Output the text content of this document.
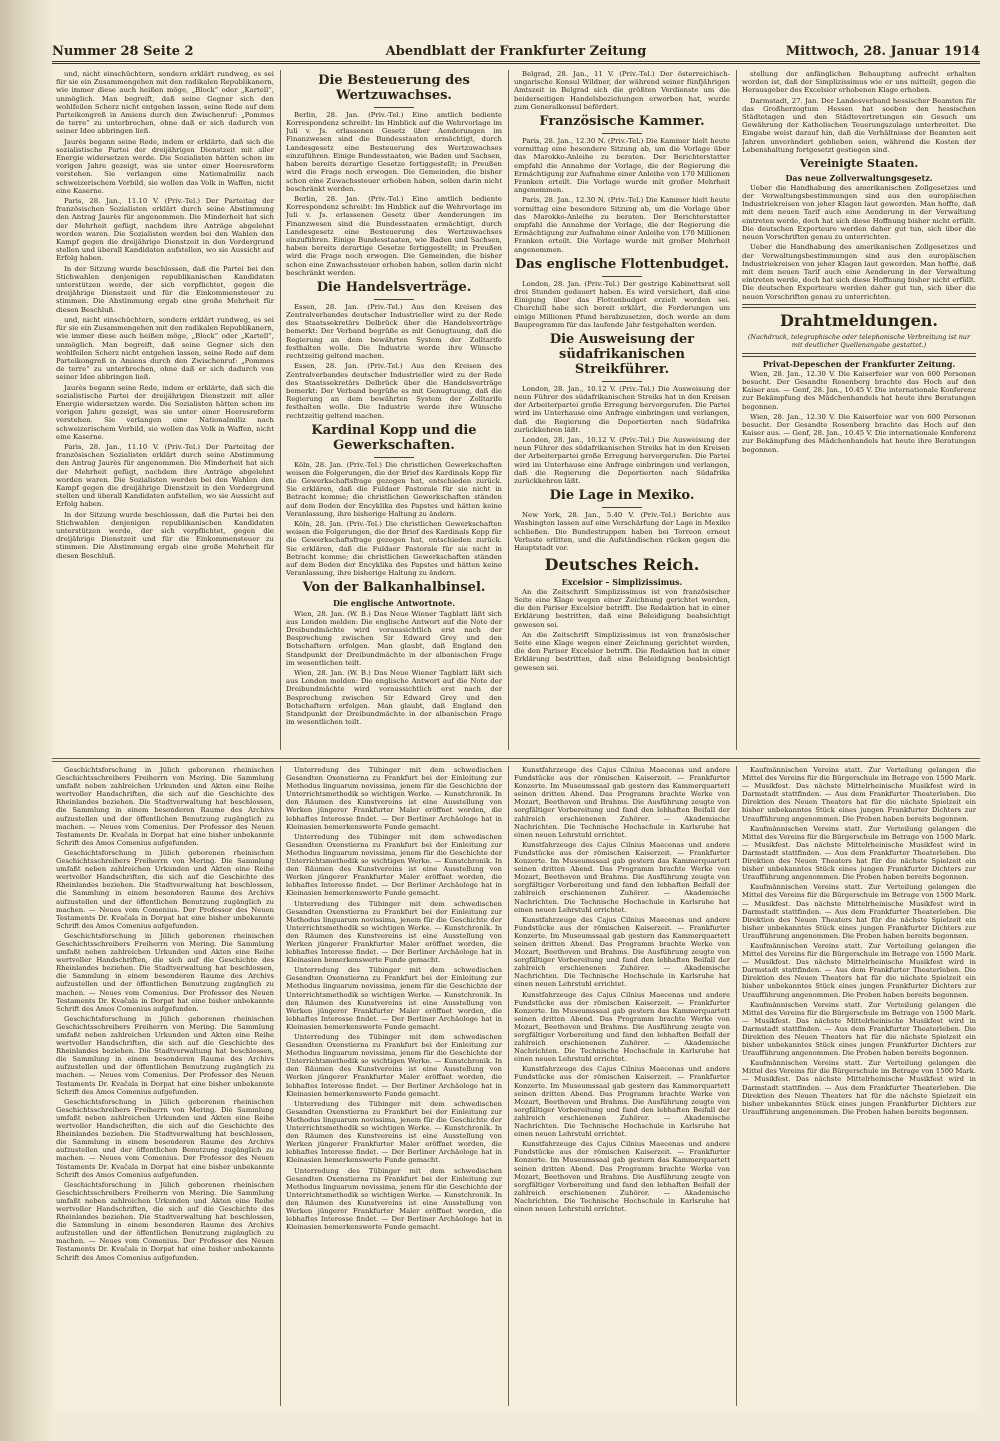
Nummer 28 Seite 2	Abendblatt der Frankfurter Zeitung	Mittwoch, 28. Januar 1914

und, nicht einschüchtern, sondern erklärt rundweg, es sei für sie ein Zusammengehen mit den radikalen Republikanern, wie immer diese auch heißen möge, „Block“ oder „Kartell“, unmöglich. Man begreift, daß seine Gegner sich den wohlfeilen Scherz nicht entgehen lassen, seine Rede auf dem Parteikongreß in Amiens durch den Zwischenruf: „Pommes de terre“ zu unterbrechen, ohne daß er sich dadurch von seiner Idee abbringen ließ.

Jaurès begann seine Rede, indem er erklärte, daß sich die sozialistische Partei der dreijährigen Dienstzeit mit aller Energie widersetzen werde. Die Sozialisten hätten schon im vorigen Jahre gezeigt, was sie unter einer Heeresreform verstehen. Sie verlangen eine Nationalmiliz nach schweizerischem Vorbild, sie wollen das Volk in Waffen, nicht eine Kaserne.

Paris, 28. Jan., 11.10 V. (Priv.-Tel.) Der Parteitag der französischen Sozialisten erklärt durch seine Abstimmung den Antrag Jaurès für angenommen. Die Minderheit hat sich der Mehrheit gefügt, nachdem ihre Anträge abgelehnt worden waren. Die Sozialisten werden bei den Wahlen den Kampf gegen die dreijährige Dienstzeit in den Vordergrund stellen und überall Kandidaten aufstellen, wo sie Aussicht auf Erfolg haben.

In der Sitzung wurde beschlossen, daß die Partei bei den Stichwahlen denjenigen republikanischen Kandidaten unterstützen werde, der sich verpflichtet, gegen die dreijährige Dienstzeit und für die Einkommensteuer zu stimmen. Die Abstimmung ergab eine große Mehrheit für diesen Beschluß.

und, nicht einschüchtern, sondern erklärt rundweg, es sei für sie ein Zusammengehen mit den radikalen Republikanern, wie immer diese auch heißen möge, „Block“ oder „Kartell“, unmöglich. Man begreift, daß seine Gegner sich den wohlfeilen Scherz nicht entgehen lassen, seine Rede auf dem Parteikongreß in Amiens durch den Zwischenruf: „Pommes de terre“ zu unterbrechen, ohne daß er sich dadurch von seiner Idee abbringen ließ.

Jaurès begann seine Rede, indem er erklärte, daß sich die sozialistische Partei der dreijährigen Dienstzeit mit aller Energie widersetzen werde. Die Sozialisten hätten schon im vorigen Jahre gezeigt, was sie unter einer Heeresreform verstehen. Sie verlangen eine Nationalmiliz nach schweizerischem Vorbild, sie wollen das Volk in Waffen, nicht eine Kaserne.

Paris, 28. Jan., 11.10 V. (Priv.-Tel.) Der Parteitag der französischen Sozialisten erklärt durch seine Abstimmung den Antrag Jaurès für angenommen. Die Minderheit hat sich der Mehrheit gefügt, nachdem ihre Anträge abgelehnt worden waren. Die Sozialisten werden bei den Wahlen den Kampf gegen die dreijährige Dienstzeit in den Vordergrund stellen und überall Kandidaten aufstellen, wo sie Aussicht auf Erfolg haben.

In der Sitzung wurde beschlossen, daß die Partei bei den Stichwahlen denjenigen republikanischen Kandidaten unterstützen werde, der sich verpflichtet, gegen die dreijährige Dienstzeit und für die Einkommensteuer zu stimmen. Die Abstimmung ergab eine große Mehrheit für diesen Beschluß.

Die Besteuerung des Wertzuwachses.

Berlin, 28. Jan. (Priv.-Tel.) Eine amtlich bediente Korrespondenz schreibt: Im Hinblick auf die Wehrvorlage im Juli v. Js. erlassenen Gesetz über Aenderungen im Finanzwesen sind die Bundesstaaten ermächtigt, durch Landesgesetz eine Besteuerung des Wertzuwachses einzuführen. Einige Bundesstaaten, wie Baden und Sachsen, haben bereits derartige Gesetze fertiggestellt; in Preußen wird die Frage noch erwogen. Die Gemeinden, die bisher schon eine Zuwachssteuer erhoben haben, sollen darin nicht beschränkt werden.

Berlin, 28. Jan. (Priv.-Tel.) Eine amtlich bediente Korrespondenz schreibt: Im Hinblick auf die Wehrvorlage im Juli v. Js. erlassenen Gesetz über Aenderungen im Finanzwesen sind die Bundesstaaten ermächtigt, durch Landesgesetz eine Besteuerung des Wertzuwachses einzuführen. Einige Bundesstaaten, wie Baden und Sachsen, haben bereits derartige Gesetze fertiggestellt; in Preußen wird die Frage noch erwogen. Die Gemeinden, die bisher schon eine Zuwachssteuer erhoben haben, sollen darin nicht beschränkt werden.

Die Handelsverträge.

Essen, 28. Jan. (Priv.-Tel.) Aus den Kreisen des Zentralverbandes deutscher Industrieller wird zu der Rede des Staatssekretärs Delbrück über die Handelsverträge bemerkt: Der Verband begrüße es mit Genugtuung, daß die Regierung an dem bewährten System der Zolltarife festhalten wolle. Die Industrie werde ihre Wünsche rechtzeitig geltend machen.

Essen, 28. Jan. (Priv.-Tel.) Aus den Kreisen des Zentralverbandes deutscher Industrieller wird zu der Rede des Staatssekretärs Delbrück über die Handelsverträge bemerkt: Der Verband begrüße es mit Genugtuung, daß die Regierung an dem bewährten System der Zolltarife festhalten wolle. Die Industrie werde ihre Wünsche rechtzeitig geltend machen.

Kardinal Kopp und die Gewerkschaften.

Köln, 28. Jan. (Priv.-Tel.) Die christlichen Gewerkschaften weisen die Folgerungen, die der Brief des Kardinals Kopp für die Gewerkschaftsfrage gezogen hat, entschieden zurück. Sie erklären, daß die Fuldaer Pastorale für sie nicht in Betracht komme; die christlichen Gewerkschaften ständen auf dem Boden der Encyklika des Papstes und hätten keine Veranlassung, ihre bisherige Haltung zu ändern.

Köln, 28. Jan. (Priv.-Tel.) Die christlichen Gewerkschaften weisen die Folgerungen, die der Brief des Kardinals Kopp für die Gewerkschaftsfrage gezogen hat, entschieden zurück. Sie erklären, daß die Fuldaer Pastorale für sie nicht in Betracht komme; die christlichen Gewerkschaften ständen auf dem Boden der Encyklika des Papstes und hätten keine Veranlassung, ihre bisherige Haltung zu ändern.

Von der Balkanhalbinsel.
Die englische Antwortnote.

Wien, 28. Jan. (W. B.) Das Neue Wiener Tagblatt läßt sich aus London melden: Die englische Antwort auf die Note der Dreibundmächte wird voraussichtlich erst nach der Besprechung zwischen Sir Edward Grey und den Botschaftern erfolgen. Man glaubt, daß England den Standpunkt der Dreibundmächte in der albanischen Frage im wesentlichen teilt.

Wien, 28. Jan. (W. B.) Das Neue Wiener Tagblatt läßt sich aus London melden: Die englische Antwort auf die Note der Dreibundmächte wird voraussichtlich erst nach der Besprechung zwischen Sir Edward Grey und den Botschaftern erfolgen. Man glaubt, daß England den Standpunkt der Dreibundmächte in der albanischen Frage im wesentlichen teilt.

Belgrad, 28. Jan., 11 V. (Priv.-Tel.) Der österreichisch-ungarische Konsul Wildner, der während seiner fünfjährigen Amtszeit in Belgrad sich die größten Verdienste um die beiderseitigen Handelsbeziehungen erworben hat, wurde zum Generalkonsul befördert.

Französische Kammer.

Paris, 28. Jan., 12.30 N. (Priv.-Tel.) Die Kammer hielt heute vormittag eine besondere Sitzung ab, um die Vorlage über das Marokko-Anleihe zu beraten. Der Berichterstatter empfahl die Annahme der Vorlage, die der Regierung die Ermächtigung zur Aufnahme einer Anleihe von 170 Millionen Franken erteilt. Die Vorlage wurde mit großer Mehrheit angenommen.

Paris, 28. Jan., 12.30 N. (Priv.-Tel.) Die Kammer hielt heute vormittag eine besondere Sitzung ab, um die Vorlage über das Marokko-Anleihe zu beraten. Der Berichterstatter empfahl die Annahme der Vorlage, die der Regierung die Ermächtigung zur Aufnahme einer Anleihe von 170 Millionen Franken erteilt. Die Vorlage wurde mit großer Mehrheit angenommen.

Das englische Flottenbudget.

London, 28. Jan. (Priv.-Tel.) Der gestrige Kabinettsrat soll drei Stunden gedauert haben. Es wird versichert, daß eine Einigung über das Flottenbudget erzielt worden sei. Churchill habe sich bereit erklärt, die Forderungen um einige Millionen Pfund herabzusetzen, doch werde an dem Bauprogramm für das laufende Jahr festgehalten werden.

Die Ausweisung der südafrikanischen Streikführer.

London, 28. Jan., 10.12 V. (Priv.-Tel.) Die Ausweisung der neun Führer des südafrikanischen Streiks hat in den Kreisen der Arbeiterpartei große Erregung hervorgerufen. Die Partei wird im Unterhause eine Anfrage einbringen und verlangen, daß die Regierung die Deportierten nach Südafrika zurückkehren läßt.

London, 28. Jan., 10.12 V. (Priv.-Tel.) Die Ausweisung der neun Führer des südafrikanischen Streiks hat in den Kreisen der Arbeiterpartei große Erregung hervorgerufen. Die Partei wird im Unterhause eine Anfrage einbringen und verlangen, daß die Regierung die Deportierten nach Südafrika zurückkehren läßt.

Die Lage in Mexiko.

New York, 28. Jan., 5.40 V. (Priv.-Tel.) Berichte aus Washington lassen auf eine Verschärfung der Lage in Mexiko schließen. Die Bundestruppen haben bei Torreon erneut Verluste erlitten, und die Aufständischen rücken gegen die Hauptstadt vor.

Deutsches Reich.
Excelsior – Simplizissimus.

An die Zeitschrift Simplizissimus ist von französischer Seite eine Klage wegen einer Zeichnung gerichtet worden, die den Pariser Excelsior betrifft. Die Redaktion hat in einer Erklärung bestritten, daß eine Beleidigung beabsichtigt gewesen sei.

An die Zeitschrift Simplizissimus ist von französischer Seite eine Klage wegen einer Zeichnung gerichtet worden, die den Pariser Excelsior betrifft. Die Redaktion hat in einer Erklärung bestritten, daß eine Beleidigung beabsichtigt gewesen sei.

stellung der anfänglichen Behauptung aufrecht erhalten worden ist, daß der Simplizissimus wie er uns mitteilt, gegen die Herausgeber des Excelsior erhobenen Klage erhoben.

Darmstadt, 27. Jan. Der Landesverband hessischer Beamten für das Großherzogtum Hessen hat soeben den hessischen Städtetagen und den Städtevertretungen ein Gesuch um Gewährung der Katholischen Teuerungszulage unterbreitet. Die Eingabe weist darauf hin, daß die Verhältnisse der Beamten seit Jahren unverändert geblieben seien, während die Kosten der Lebenshaltung fortgesetzt gestiegen sind.

Vereinigte Staaten.
Das neue Zollverwaltungsgesetz.

Ueber die Handhabung des amerikanischen Zollgesetzes und der Verwaltungsbestimmungen sind aus den europäischen Industriekreisen von jeher Klagen laut geworden. Man hoffte, daß mit dem neuen Tarif auch eine Aenderung in der Verwaltung eintreten werde, doch hat sich diese Hoffnung bisher nicht erfüllt. Die deutschen Exporteure werden daher gut tun, sich über die neuen Vorschriften genau zu unterrichten.

Ueber die Handhabung des amerikanischen Zollgesetzes und der Verwaltungsbestimmungen sind aus den europäischen Industriekreisen von jeher Klagen laut geworden. Man hoffte, daß mit dem neuen Tarif auch eine Aenderung in der Verwaltung eintreten werde, doch hat sich diese Hoffnung bisher nicht erfüllt. Die deutschen Exporteure werden daher gut tun, sich über die neuen Vorschriften genau zu unterrichten.

Drahtmeldungen.
(Nachdruck, telegraphische oder telephonische Verbreitung ist nur mit deutlicher Quellenangabe gestattet.)
Privat-Depeschen der Frankfurter Zeitung.

Wien, 28. Jan., 12.30 V. Die Kaiserfeier war von 600 Personen besucht. Der Gesandte Rosenberg brachte das Hoch auf den Kaiser aus. — Genf, 28. Jan., 10.45 V. Die internationale Konferenz zur Bekämpfung des Mädchenhandels hat heute ihre Beratungen begonnen.

Wien, 28. Jan., 12.30 V. Die Kaiserfeier war von 600 Personen besucht. Der Gesandte Rosenberg brachte das Hoch auf den Kaiser aus. — Genf, 28. Jan., 10.45 V. Die internationale Konferenz zur Bekämpfung des Mädchenhandels hat heute ihre Beratungen begonnen.

Geschichtsforschung in Jülich geborenen rheinischen Geschichtsschreibers Freiherrn von Mering. Die Sammlung umfaßt neben zahlreichen Urkunden und Akten eine Reihe wertvoller Handschriften, die sich auf die Geschichte des Rheinlandes beziehen. Die Stadtverwaltung hat beschlossen, die Sammlung in einem besonderen Raume des Archivs aufzustellen und der öffentlichen Benutzung zugänglich zu machen. — Neues vom Comenius. Der Professor des Neuen Testaments Dr. Kvačala in Dorpat hat eine bisher unbekannte Schrift des Amos Comenius aufgefunden.

Geschichtsforschung in Jülich geborenen rheinischen Geschichtsschreibers Freiherrn von Mering. Die Sammlung umfaßt neben zahlreichen Urkunden und Akten eine Reihe wertvoller Handschriften, die sich auf die Geschichte des Rheinlandes beziehen. Die Stadtverwaltung hat beschlossen, die Sammlung in einem besonderen Raume des Archivs aufzustellen und der öffentlichen Benutzung zugänglich zu machen. — Neues vom Comenius. Der Professor des Neuen Testaments Dr. Kvačala in Dorpat hat eine bisher unbekannte Schrift des Amos Comenius aufgefunden.

Geschichtsforschung in Jülich geborenen rheinischen Geschichtsschreibers Freiherrn von Mering. Die Sammlung umfaßt neben zahlreichen Urkunden und Akten eine Reihe wertvoller Handschriften, die sich auf die Geschichte des Rheinlandes beziehen. Die Stadtverwaltung hat beschlossen, die Sammlung in einem besonderen Raume des Archivs aufzustellen und der öffentlichen Benutzung zugänglich zu machen. — Neues vom Comenius. Der Professor des Neuen Testaments Dr. Kvačala in Dorpat hat eine bisher unbekannte Schrift des Amos Comenius aufgefunden.

Geschichtsforschung in Jülich geborenen rheinischen Geschichtsschreibers Freiherrn von Mering. Die Sammlung umfaßt neben zahlreichen Urkunden und Akten eine Reihe wertvoller Handschriften, die sich auf die Geschichte des Rheinlandes beziehen. Die Stadtverwaltung hat beschlossen, die Sammlung in einem besonderen Raume des Archivs aufzustellen und der öffentlichen Benutzung zugänglich zu machen. — Neues vom Comenius. Der Professor des Neuen Testaments Dr. Kvačala in Dorpat hat eine bisher unbekannte Schrift des Amos Comenius aufgefunden.

Geschichtsforschung in Jülich geborenen rheinischen Geschichtsschreibers Freiherrn von Mering. Die Sammlung umfaßt neben zahlreichen Urkunden und Akten eine Reihe wertvoller Handschriften, die sich auf die Geschichte des Rheinlandes beziehen. Die Stadtverwaltung hat beschlossen, die Sammlung in einem besonderen Raume des Archivs aufzustellen und der öffentlichen Benutzung zugänglich zu machen. — Neues vom Comenius. Der Professor des Neuen Testaments Dr. Kvačala in Dorpat hat eine bisher unbekannte Schrift des Amos Comenius aufgefunden.

Geschichtsforschung in Jülich geborenen rheinischen Geschichtsschreibers Freiherrn von Mering. Die Sammlung umfaßt neben zahlreichen Urkunden und Akten eine Reihe wertvoller Handschriften, die sich auf die Geschichte des Rheinlandes beziehen. Die Stadtverwaltung hat beschlossen, die Sammlung in einem besonderen Raume des Archivs aufzustellen und der öffentlichen Benutzung zugänglich zu machen. — Neues vom Comenius. Der Professor des Neuen Testaments Dr. Kvačala in Dorpat hat eine bisher unbekannte Schrift des Amos Comenius aufgefunden.

Unterredung des Tübinger mit dem schwedischen Gesandten Oxenstierna zu Frankfurt bei der Einleitung zur Methodus linguarum novissima, jenem für die Geschichte der Unterrichtsmethodik so wichtigen Werke. — Kunstchronik. In den Räumen des Kunstvereins ist eine Ausstellung von Werken jüngerer Frankfurter Maler eröffnet worden, die lebhaftes Interesse findet. — Der Berliner Archäologe hat in Kleinasien bemerkenswerte Funde gemacht.

Unterredung des Tübinger mit dem schwedischen Gesandten Oxenstierna zu Frankfurt bei der Einleitung zur Methodus linguarum novissima, jenem für die Geschichte der Unterrichtsmethodik so wichtigen Werke. — Kunstchronik. In den Räumen des Kunstvereins ist eine Ausstellung von Werken jüngerer Frankfurter Maler eröffnet worden, die lebhaftes Interesse findet. — Der Berliner Archäologe hat in Kleinasien bemerkenswerte Funde gemacht.

Unterredung des Tübinger mit dem schwedischen Gesandten Oxenstierna zu Frankfurt bei der Einleitung zur Methodus linguarum novissima, jenem für die Geschichte der Unterrichtsmethodik so wichtigen Werke. — Kunstchronik. In den Räumen des Kunstvereins ist eine Ausstellung von Werken jüngerer Frankfurter Maler eröffnet worden, die lebhaftes Interesse findet. — Der Berliner Archäologe hat in Kleinasien bemerkenswerte Funde gemacht.

Unterredung des Tübinger mit dem schwedischen Gesandten Oxenstierna zu Frankfurt bei der Einleitung zur Methodus linguarum novissima, jenem für die Geschichte der Unterrichtsmethodik so wichtigen Werke. — Kunstchronik. In den Räumen des Kunstvereins ist eine Ausstellung von Werken jüngerer Frankfurter Maler eröffnet worden, die lebhaftes Interesse findet. — Der Berliner Archäologe hat in Kleinasien bemerkenswerte Funde gemacht.

Unterredung des Tübinger mit dem schwedischen Gesandten Oxenstierna zu Frankfurt bei der Einleitung zur Methodus linguarum novissima, jenem für die Geschichte der Unterrichtsmethodik so wichtigen Werke. — Kunstchronik. In den Räumen des Kunstvereins ist eine Ausstellung von Werken jüngerer Frankfurter Maler eröffnet worden, die lebhaftes Interesse findet. — Der Berliner Archäologe hat in Kleinasien bemerkenswerte Funde gemacht.

Unterredung des Tübinger mit dem schwedischen Gesandten Oxenstierna zu Frankfurt bei der Einleitung zur Methodus linguarum novissima, jenem für die Geschichte der Unterrichtsmethodik so wichtigen Werke. — Kunstchronik. In den Räumen des Kunstvereins ist eine Ausstellung von Werken jüngerer Frankfurter Maler eröffnet worden, die lebhaftes Interesse findet. — Der Berliner Archäologe hat in Kleinasien bemerkenswerte Funde gemacht.

Unterredung des Tübinger mit dem schwedischen Gesandten Oxenstierna zu Frankfurt bei der Einleitung zur Methodus linguarum novissima, jenem für die Geschichte der Unterrichtsmethodik so wichtigen Werke. — Kunstchronik. In den Räumen des Kunstvereins ist eine Ausstellung von Werken jüngerer Frankfurter Maler eröffnet worden, die lebhaftes Interesse findet. — Der Berliner Archäologe hat in Kleinasien bemerkenswerte Funde gemacht.

Kunstfahrzeuge des Cajus Cilnius Maecenas und andere Fundstücke aus der römischen Kaiserzeit. — Frankfurter Konzerte. Im Museumssaal gab gestern das Kammerquartett seinen dritten Abend. Das Programm brachte Werke von Mozart, Beethoven und Brahms. Die Ausführung zeugte von sorgfältiger Vorbereitung und fand den lebhaften Beifall der zahlreich erschienenen Zuhörer. — Akademische Nachrichten. Die Technische Hochschule in Karlsruhe hat einen neuen Lehrstuhl errichtet.

Kunstfahrzeuge des Cajus Cilnius Maecenas und andere Fundstücke aus der römischen Kaiserzeit. — Frankfurter Konzerte. Im Museumssaal gab gestern das Kammerquartett seinen dritten Abend. Das Programm brachte Werke von Mozart, Beethoven und Brahms. Die Ausführung zeugte von sorgfältiger Vorbereitung und fand den lebhaften Beifall der zahlreich erschienenen Zuhörer. — Akademische Nachrichten. Die Technische Hochschule in Karlsruhe hat einen neuen Lehrstuhl errichtet.

Kunstfahrzeuge des Cajus Cilnius Maecenas und andere Fundstücke aus der römischen Kaiserzeit. — Frankfurter Konzerte. Im Museumssaal gab gestern das Kammerquartett seinen dritten Abend. Das Programm brachte Werke von Mozart, Beethoven und Brahms. Die Ausführung zeugte von sorgfältiger Vorbereitung und fand den lebhaften Beifall der zahlreich erschienenen Zuhörer. — Akademische Nachrichten. Die Technische Hochschule in Karlsruhe hat einen neuen Lehrstuhl errichtet.

Kunstfahrzeuge des Cajus Cilnius Maecenas und andere Fundstücke aus der römischen Kaiserzeit. — Frankfurter Konzerte. Im Museumssaal gab gestern das Kammerquartett seinen dritten Abend. Das Programm brachte Werke von Mozart, Beethoven und Brahms. Die Ausführung zeugte von sorgfältiger Vorbereitung und fand den lebhaften Beifall der zahlreich erschienenen Zuhörer. — Akademische Nachrichten. Die Technische Hochschule in Karlsruhe hat einen neuen Lehrstuhl errichtet.

Kunstfahrzeuge des Cajus Cilnius Maecenas und andere Fundstücke aus der römischen Kaiserzeit. — Frankfurter Konzerte. Im Museumssaal gab gestern das Kammerquartett seinen dritten Abend. Das Programm brachte Werke von Mozart, Beethoven und Brahms. Die Ausführung zeugte von sorgfältiger Vorbereitung und fand den lebhaften Beifall der zahlreich erschienenen Zuhörer. — Akademische Nachrichten. Die Technische Hochschule in Karlsruhe hat einen neuen Lehrstuhl errichtet.

Kunstfahrzeuge des Cajus Cilnius Maecenas und andere Fundstücke aus der römischen Kaiserzeit. — Frankfurter Konzerte. Im Museumssaal gab gestern das Kammerquartett seinen dritten Abend. Das Programm brachte Werke von Mozart, Beethoven und Brahms. Die Ausführung zeugte von sorgfältiger Vorbereitung und fand den lebhaften Beifall der zahlreich erschienenen Zuhörer. — Akademische Nachrichten. Die Technische Hochschule in Karlsruhe hat einen neuen Lehrstuhl errichtet.

Kaufmännischen Vereins statt. Zur Verteilung gelangen die Mittel des Vereins für die Bürgerschule im Betrage von 1500 Mark. — Musikfest. Das nächste Mittelrheinische Musikfest wird in Darmstadt stattfinden. — Aus dem Frankfurter Theaterleben. Die Direktion des Neuen Theaters hat für die nächste Spielzeit ein bisher unbekanntes Stück eines jungen Frankfurter Dichters zur Uraufführung angenommen. Die Proben haben bereits begonnen.

Kaufmännischen Vereins statt. Zur Verteilung gelangen die Mittel des Vereins für die Bürgerschule im Betrage von 1500 Mark. — Musikfest. Das nächste Mittelrheinische Musikfest wird in Darmstadt stattfinden. — Aus dem Frankfurter Theaterleben. Die Direktion des Neuen Theaters hat für die nächste Spielzeit ein bisher unbekanntes Stück eines jungen Frankfurter Dichters zur Uraufführung angenommen. Die Proben haben bereits begonnen.

Kaufmännischen Vereins statt. Zur Verteilung gelangen die Mittel des Vereins für die Bürgerschule im Betrage von 1500 Mark. — Musikfest. Das nächste Mittelrheinische Musikfest wird in Darmstadt stattfinden. — Aus dem Frankfurter Theaterleben. Die Direktion des Neuen Theaters hat für die nächste Spielzeit ein bisher unbekanntes Stück eines jungen Frankfurter Dichters zur Uraufführung angenommen. Die Proben haben bereits begonnen.

Kaufmännischen Vereins statt. Zur Verteilung gelangen die Mittel des Vereins für die Bürgerschule im Betrage von 1500 Mark. — Musikfest. Das nächste Mittelrheinische Musikfest wird in Darmstadt stattfinden. — Aus dem Frankfurter Theaterleben. Die Direktion des Neuen Theaters hat für die nächste Spielzeit ein bisher unbekanntes Stück eines jungen Frankfurter Dichters zur Uraufführung angenommen. Die Proben haben bereits begonnen.

Kaufmännischen Vereins statt. Zur Verteilung gelangen die Mittel des Vereins für die Bürgerschule im Betrage von 1500 Mark. — Musikfest. Das nächste Mittelrheinische Musikfest wird in Darmstadt stattfinden. — Aus dem Frankfurter Theaterleben. Die Direktion des Neuen Theaters hat für die nächste Spielzeit ein bisher unbekanntes Stück eines jungen Frankfurter Dichters zur Uraufführung angenommen. Die Proben haben bereits begonnen.

Kaufmännischen Vereins statt. Zur Verteilung gelangen die Mittel des Vereins für die Bürgerschule im Betrage von 1500 Mark. — Musikfest. Das nächste Mittelrheinische Musikfest wird in Darmstadt stattfinden. — Aus dem Frankfurter Theaterleben. Die Direktion des Neuen Theaters hat für die nächste Spielzeit ein bisher unbekanntes Stück eines jungen Frankfurter Dichters zur Uraufführung angenommen. Die Proben haben bereits begonnen.
